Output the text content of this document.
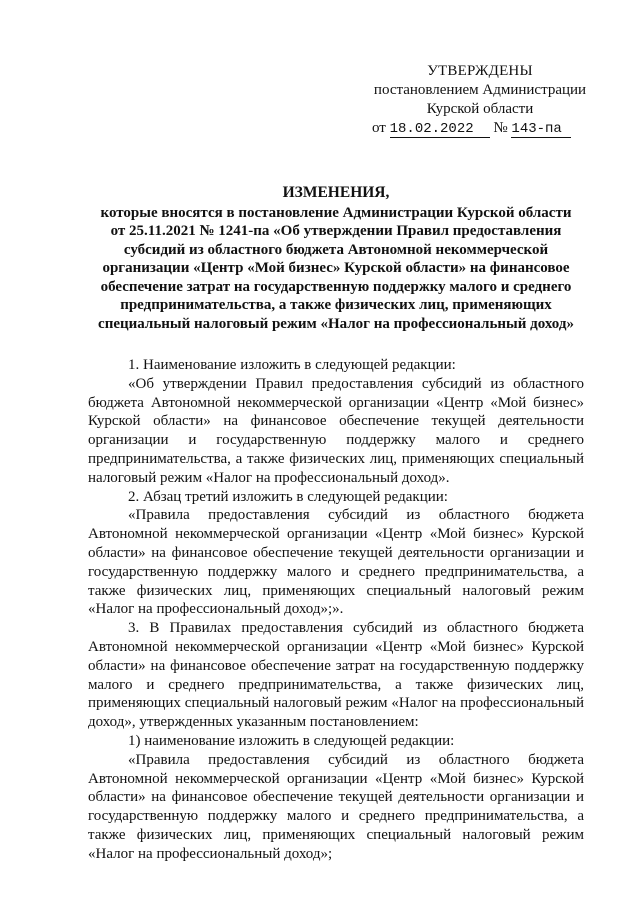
УТВЕРЖДЕНЫ
постановлением Администрации
Курской области
от 18.02.2022 № 143-па
ИЗМЕНЕНИЯ,
которые вносятся в постановление Администрации Курской области
от 25.11.2021 № 1241-па «Об утверждении Правил предоставления
субсидий из областного бюджета Автономной некоммерческой
организации «Центр «Мой бизнес» Курской области» на финансовое
обеспечение затрат на государственную поддержку малого и среднего
предпринимательства, а также физических лиц, применяющих
специальный налоговый режим «Налог на профессиональный доход»

1. Наименование изложить в следующей редакции:

«Об утверждении Правил предоставления субсидий из областного бюджета Автономной некоммерческой организации «Центр «Мой бизнес» Курской области» на финансовое обеспечение текущей деятельности организации и государственную поддержку малого и среднего предпринимательства, а также физических лиц, применяющих специальный налоговый режим «Налог на профессиональный доход».

2. Абзац третий изложить в следующей редакции:

«Правила предоставления субсидий из областного бюджета Автономной некоммерческой организации «Центр «Мой бизнес» Курской области» на финансовое обеспечение текущей деятельности организации и государственную поддержку малого и среднего предпринимательства, а также физических лиц, применяющих специальный налоговый режим «Налог на профессиональный доход»;».

3. В Правилах предоставления субсидий из областного бюджета Автономной некоммерческой организации «Центр «Мой бизнес» Курской области» на финансовое обеспечение затрат на государственную поддержку малого и среднего предпринимательства, а также физических лиц, применяющих специальный налоговый режим «Налог на профессиональный доход», утвержденных указанным постановлением:

1) наименование изложить в следующей редакции:

«Правила предоставления субсидий из областного бюджета Автономной некоммерческой организации «Центр «Мой бизнес» Курской области» на финансовое обеспечение текущей деятельности организации и государственную поддержку малого и среднего предпринимательства, а также физических лиц, применяющих специальный налоговый режим «Налог на профессиональный доход»;
